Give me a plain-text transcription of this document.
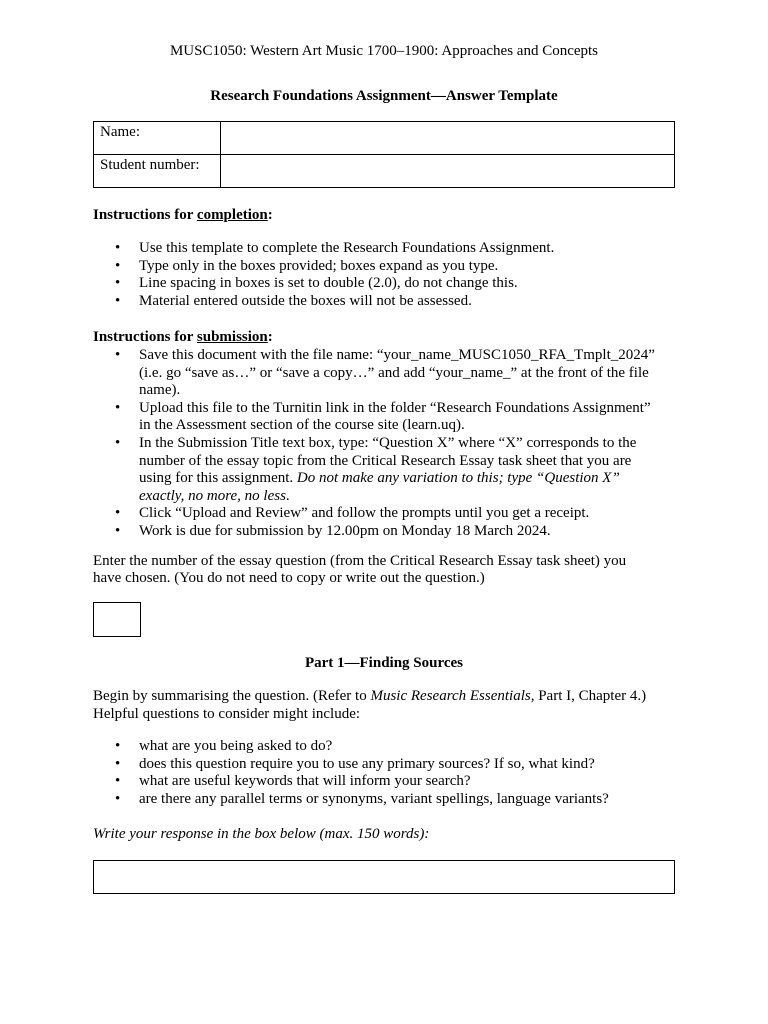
MUSC1050: Western Art Music 1700–1900: Approaches and Concepts
Research Foundations Assignment—Answer Template
Name:	
Student number:	
Instructions for completion:
• Use this template to complete the Research Foundations Assignment.
• Type only in the boxes provided; boxes expand as you type.
• Line spacing in boxes is set to double (2.0), do not change this.
• Material entered outside the boxes will not be assessed.
Instructions for submission:
• Save this document with the file name: “your_name_MUSC1050_RFA_Tmplt_2024”
(i.e. go “save as…” or “save a copy…” and add “your_name_” at the front of the file
name).
• Upload this file to the Turnitin link in the folder “Research Foundations Assignment”
in the Assessment section of the course site (learn.uq).
• In the Submission Title text box, type: “Question X” where “X” corresponds to the
number of the essay topic from the Critical Research Essay task sheet that you are
using for this assignment. Do not make any variation to this; type “Question X”
exactly, no more, no less.
• Click “Upload and Review” and follow the prompts until you get a receipt.
• Work is due for submission by 12.00pm on Monday 18 March 2024.
Enter the number of the essay question (from the Critical Research Essay task sheet) you
have chosen. (You do not need to copy or write out the question.)
Part 1—Finding Sources
Begin by summarising the question. (Refer to Music Research Essentials, Part I, Chapter 4.)
Helpful questions to consider might include:
• what are you being asked to do?
• does this question require you to use any primary sources? If so, what kind?
• what are useful keywords that will inform your search?
• are there any parallel terms or synonyms, variant spellings, language variants?
Write your response in the box below (max. 150 words):
